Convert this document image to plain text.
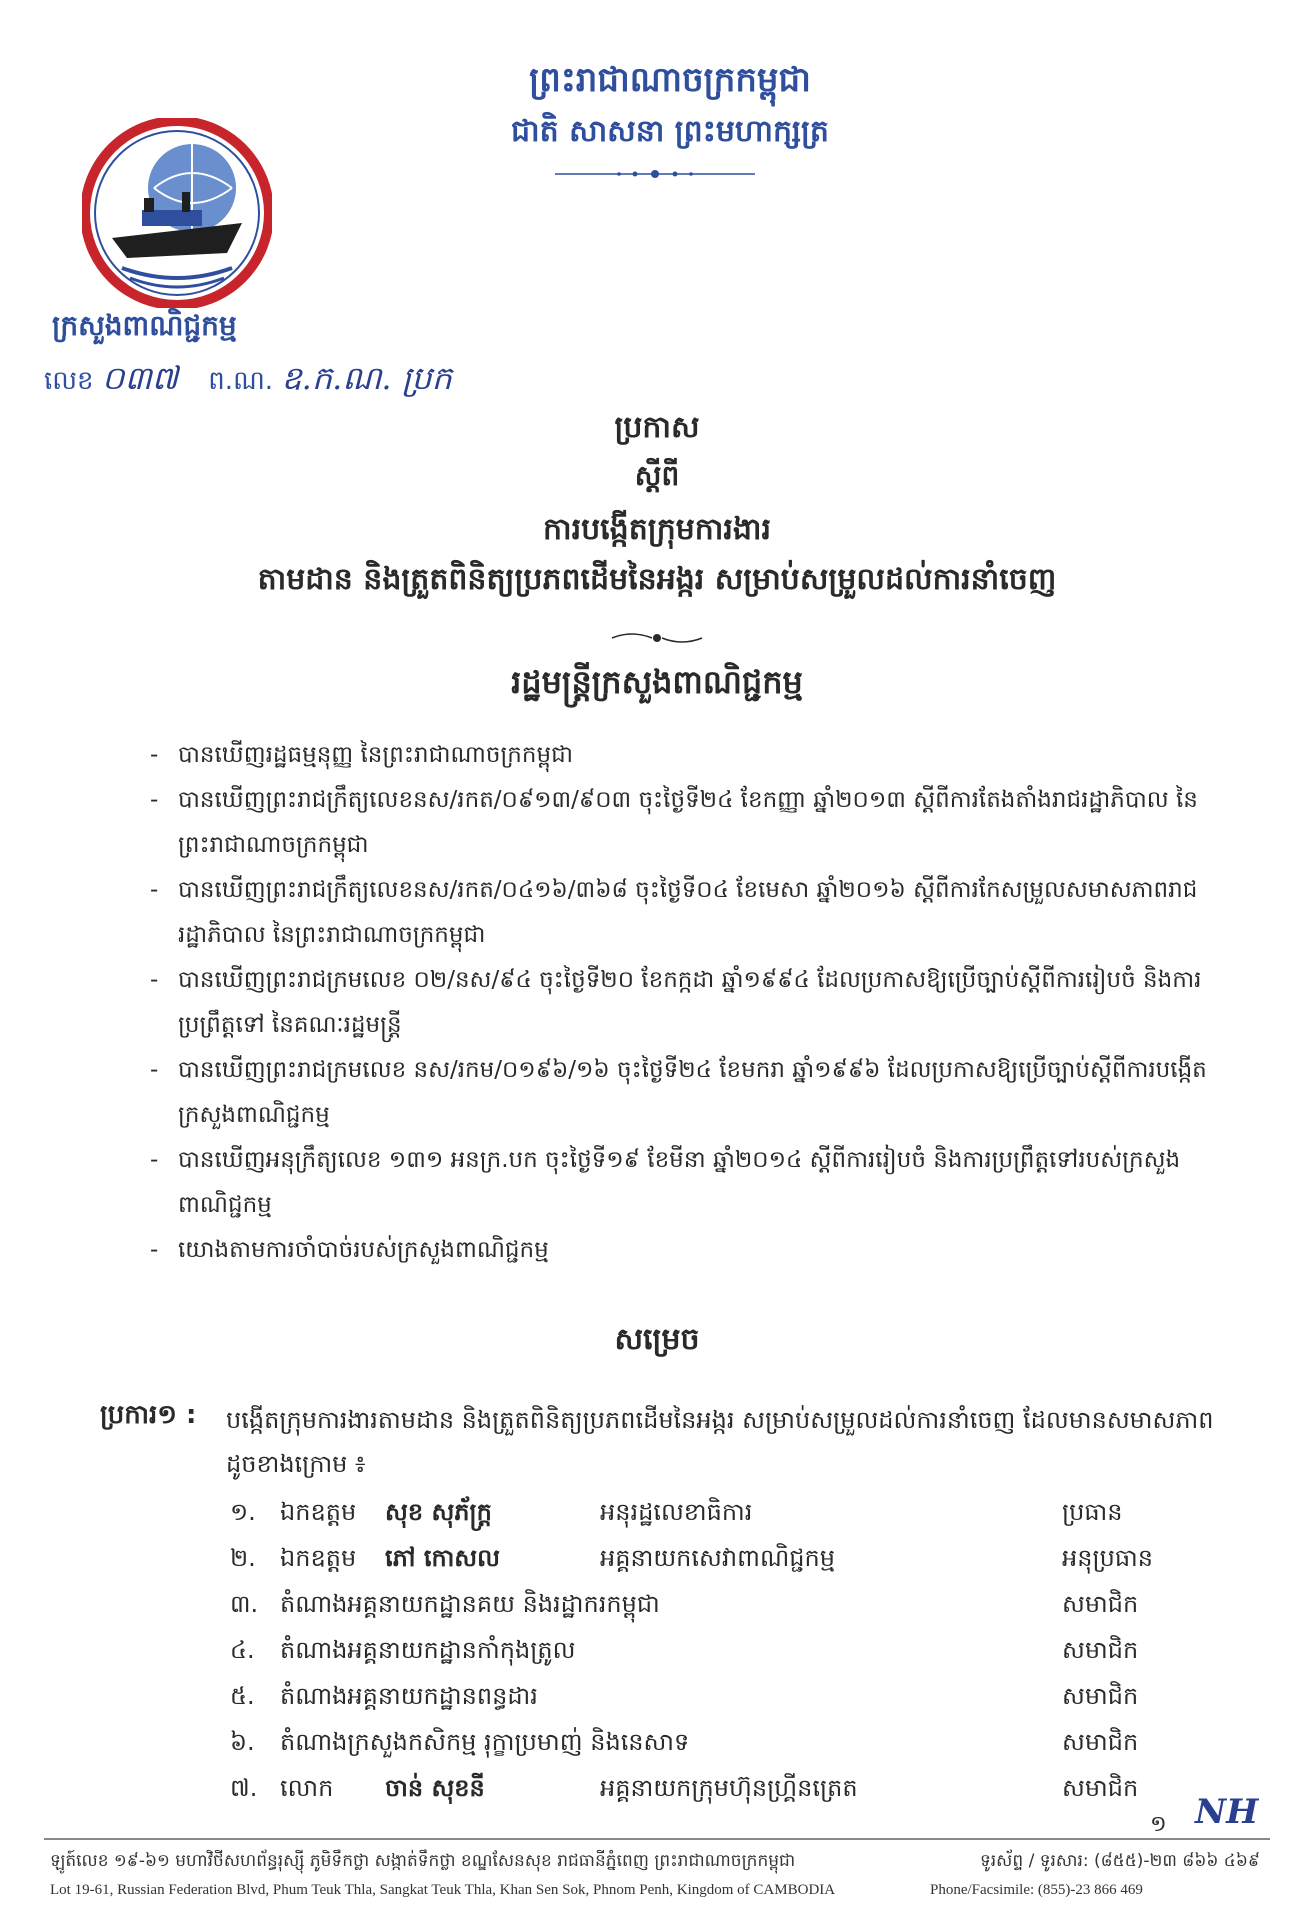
ព្រះរាជាណាចក្រកម្ពុជា
ជាតិ សាសនា ព្រះមហាក្សត្រ
ក្រសួងពាណិជ្ជកម្ម
លេខ ០៣៧ ព.ណ. ឧ.ក.ណ. ប្រក
ប្រកាស
ស្ដីពី
ការបង្កើតក្រុមការងារ
តាមដាន និងត្រួតពិនិត្យប្រភពដើមនៃអង្ករ សម្រាប់សម្រួលដល់ការនាំចេញ
រដ្ឋមន្ត្រីក្រសួងពាណិជ្ជកម្ម
- បានឃើញរដ្ឋធម្មនុញ្ញ នៃព្រះរាជាណាចក្រកម្ពុជា
- បានឃើញព្រះរាជក្រឹត្យលេខនស/រកត/០៩១៣/៩០៣ ចុះថ្ងៃទី២៤ ខែកញ្ញា ឆ្នាំ២០១៣ ស្ដីពីការតែងតាំងរាជរដ្ឋាភិបាល នៃព្រះរាជាណាចក្រកម្ពុជា
- បានឃើញព្រះរាជក្រឹត្យលេខនស/រកត/០៤១៦/៣៦៨ ចុះថ្ងៃទី០៤ ខែមេសា ឆ្នាំ២០១៦ ស្ដីពីការកែសម្រួលសមាសភាពរាជរដ្ឋាភិបាល នៃព្រះរាជាណាចក្រកម្ពុជា
- បានឃើញព្រះរាជក្រមលេខ ០២/នស/៩៤ ចុះថ្ងៃទី២០ ខែកក្កដា ឆ្នាំ១៩៩៤ ដែលប្រកាសឱ្យប្រើច្បាប់ស្ដីពីការរៀបចំ និងការប្រព្រឹត្តទៅ នៃគណៈរដ្ឋមន្ត្រី
- បានឃើញព្រះរាជក្រមលេខ នស/រកម/០១៩៦/១៦ ចុះថ្ងៃទី២៤ ខែមករា ឆ្នាំ១៩៩៦ ដែលប្រកាសឱ្យប្រើច្បាប់ស្ដីពីការបង្កើតក្រសួងពាណិជ្ជកម្ម
- បានឃើញអនុក្រឹត្យលេខ ១៣១ អនក្រ.បក ចុះថ្ងៃទី១៩ ខែមីនា ឆ្នាំ២០១៤ ស្ដីពីការរៀបចំ និងការប្រព្រឹត្តទៅរបស់ក្រសួងពាណិជ្ជកម្ម
- យោងតាមការចាំបាច់របស់ក្រសួងពាណិជ្ជកម្ម
សម្រេច
ប្រការ១ : បង្កើតក្រុមការងារតាមដាន និងត្រួតពិនិត្យប្រភពដើមនៃអង្ករ សម្រាប់សម្រួលដល់ការនាំចេញ ដែលមានសមាសភាពដូចខាងក្រោម ៖
១. ឯកឧត្ដម សុខ សុភ័ក្ត្រ	អនុរដ្ឋលេខាធិការ	ប្រធាន
២. ឯកឧត្ដម ភៅ កោសល	អគ្គនាយកសេវាពាណិជ្ជកម្ម	អនុប្រធាន
៣. តំណាងអគ្គនាយកដ្ឋានគយ និងរដ្ឋាករកម្ពុជា	សមាជិក
៤. តំណាងអគ្គនាយកដ្ឋានកាំកុងត្រូល	សមាជិក
៥. តំណាងអគ្គនាយកដ្ឋានពន្ធដារ	សមាជិក
៦. តំណាងក្រសួងកសិកម្ម រុក្ខាប្រមាញ់ និងនេសាទ	សមាជិក
៧. លោក ចាន់ សុខនី	អគ្គនាយកក្រុមហ៊ុនហ្គ្រីនត្រេត	សមាជិក
១ NH
ឡូត៍លេខ ១៩-៦១ មហាវិថីសហព័ន្ធរុស្ស៊ី ភូមិទឹកថ្លា សង្កាត់ទឹកថ្លា ខណ្ឌសែនសុខ រាជធានីភ្នំពេញ ព្រះរាជាណាចក្រកម្ពុជា	ទូរស័ព្ទ / ទូរសារ: (៨៥៥)-២៣ ៨៦៦ ៤៦៩
Lot 19-61, Russian Federation Blvd, Phum Teuk Thla, Sangkat Teuk Thla, Khan Sen Sok, Phnom Penh, Kingdom of CAMBODIA	Phone/Facsimile: (855)-23 866 469
